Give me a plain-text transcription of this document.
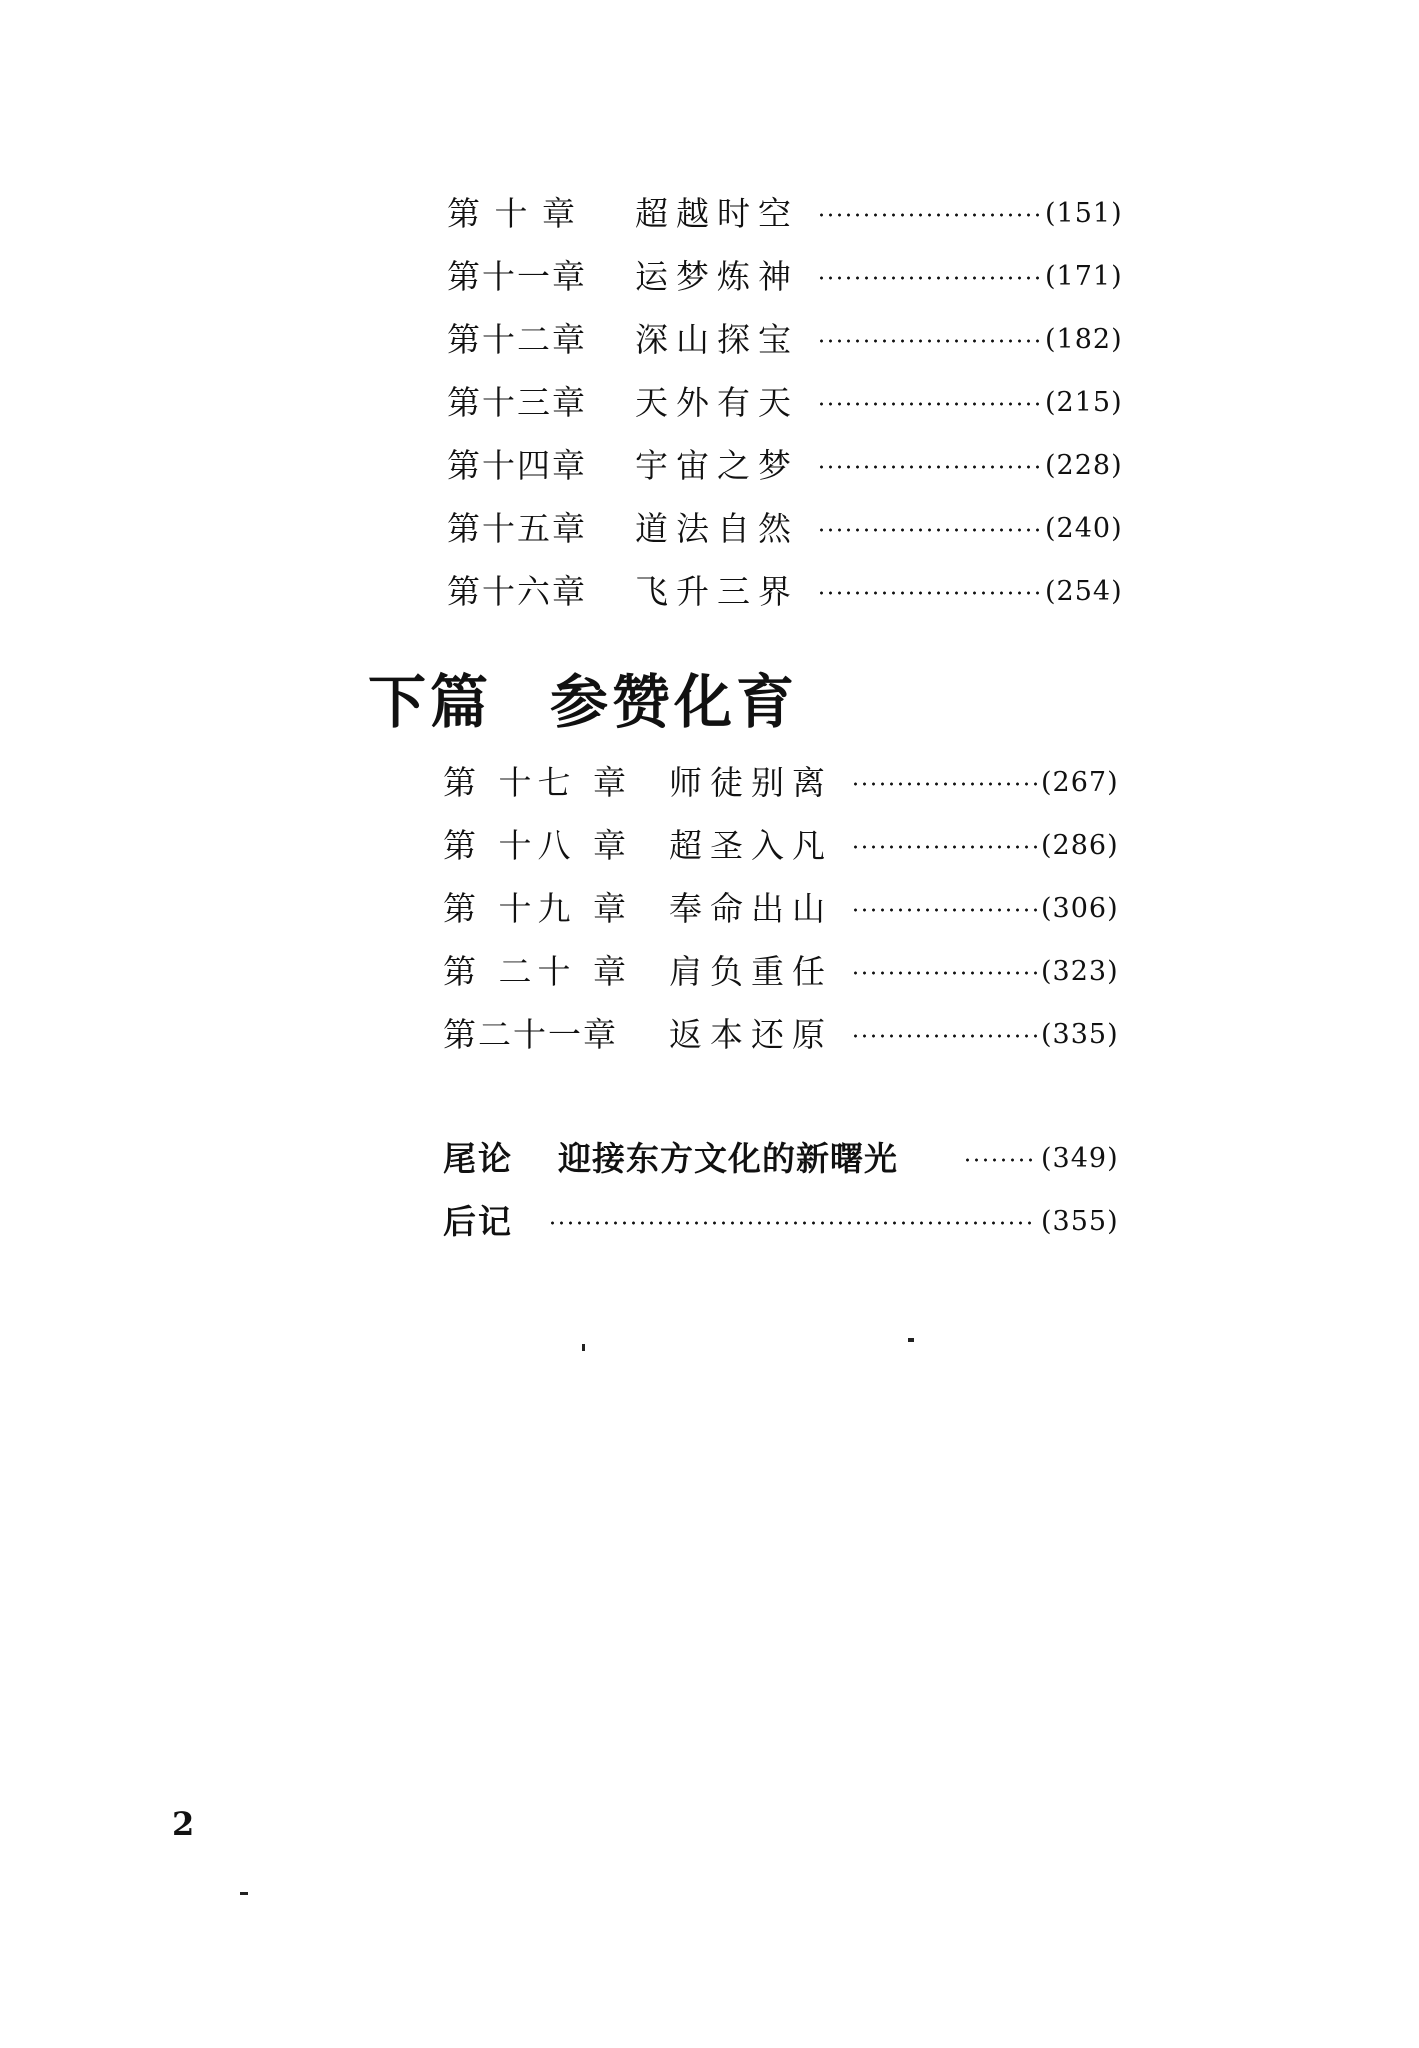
第 十 章 超越时空	(151)
第十一章 运梦炼神	(171)
第十二章 深山探宝	(182)
第十三章 天外有天	(215)
第十四章 宇宙之梦	(228)
第十五章 道法自然	(240)
第十六章 飞升三界	(254)
下篇 参赞化育
第 十七 章 师徒别离	(267)
第 十八 章 超圣入凡	(286)
第 十九 章 奉命出山	(306)
第 二十 章 肩负重任	(323)
第二十一章 返本还原	(335)
尾论 迎接东方文化的新曙光	(349)
后记	(355)
2
